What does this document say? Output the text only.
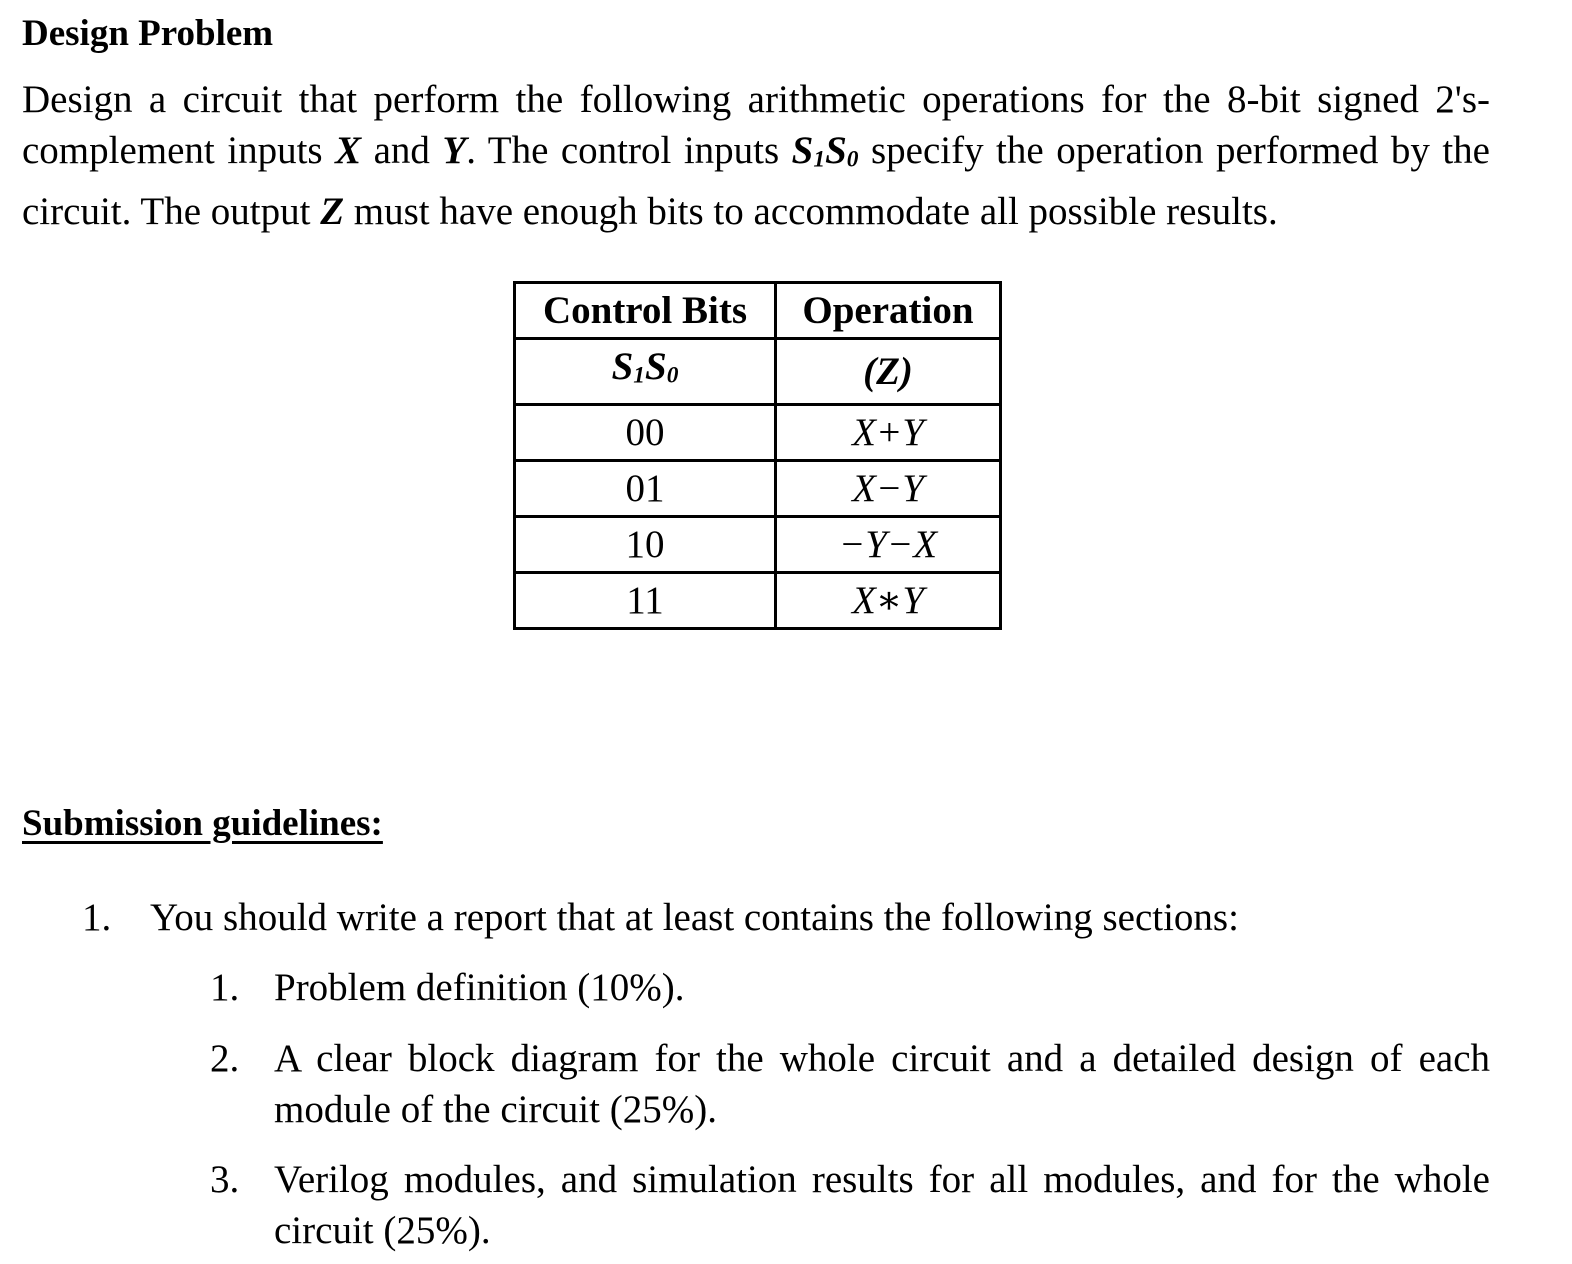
Design Problem

Design a circuit that perform the following arithmetic operations for the 8-bit signed 2's-complement inputs X and Y. The control inputs S1S0 specify the operation performed by the circuit. The output Z must have enough bits to accommodate all possible results.

Control Bits	Operation
S1S0	(Z)
00	X+Y
01	X−Y
10	−Y−X
11	X∗Y
Submission guidelines:
1. You should write a report that at least contains the following sections:
1. Problem definition (10%).
2. A clear block diagram for the whole circuit and a detailed design of each module of the circuit (25%).
3. Verilog modules, and simulation results for all modules, and for the whole circuit (25%).
